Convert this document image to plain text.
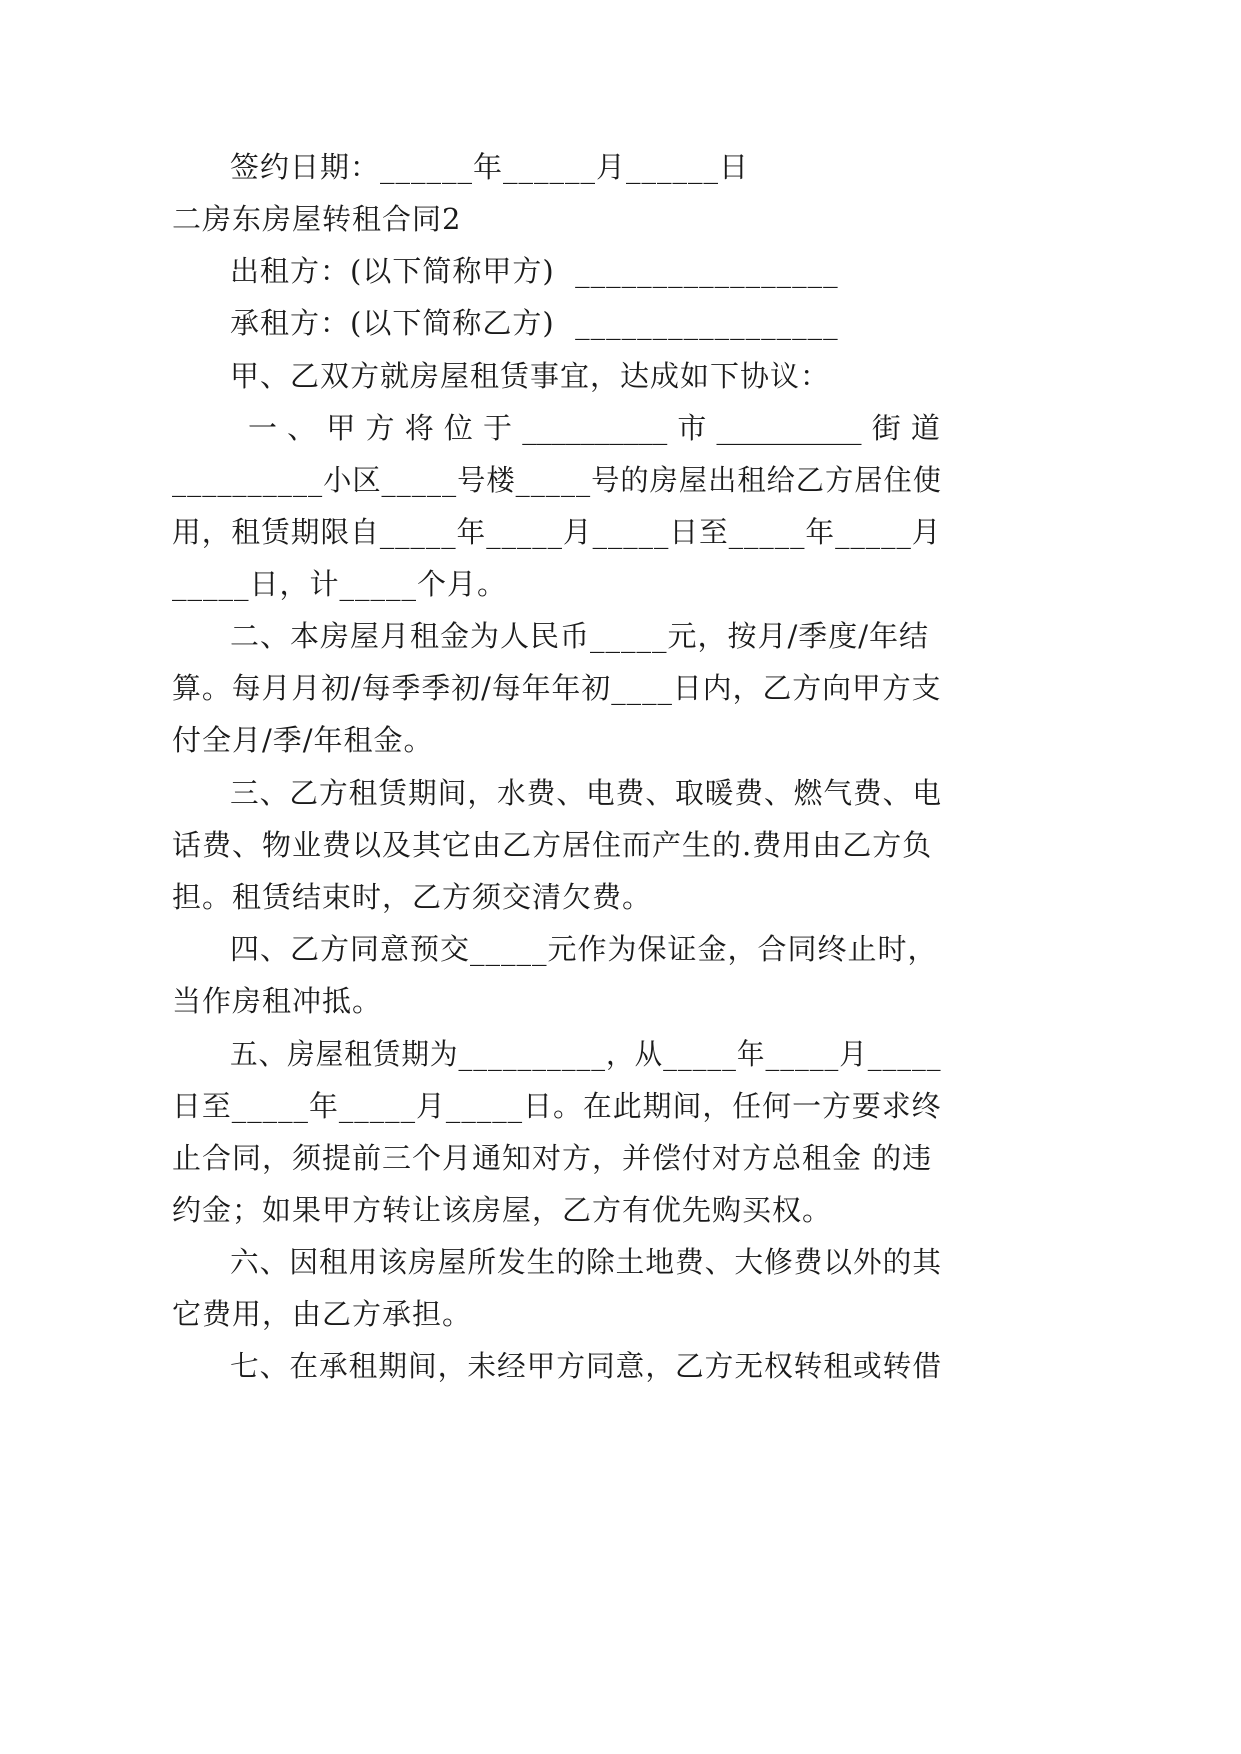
签约日期：______年______月______日

二房东房屋转租合同2

出租方：(以下简称甲方)  _________________

承租方：(以下简称乙方)  _________________

甲、乙双方就房屋租赁事宜，达成如下协议：

一 、 甲 方 将 位 于 __________ 市 __________ 街 道

__________小区_____号楼_____号的房屋出租给乙方居住使

用，租赁期限自_____年_____月_____日至_____年_____月

_____日，计_____个月。

二、本房屋月租金为人民币_____元，按月/季度/年结

算。每月月初/每季季初/每年年初____日内，乙方向甲方支

付全月/季/年租金。

三、乙方租赁期间，水费、电费、取暖费、燃气费、电

话费、物业费以及其它由乙方居住而产生的.费用由乙方负

担。租赁结束时，乙方须交清欠费。

四、乙方同意预交_____元作为保证金，合同终止时，

当作房租冲抵。

五、房屋租赁期为__________，从_____年_____月_____

日至_____年_____月_____日。在此期间，任何一方要求终

止合同，须提前三个月通知对方，并偿付对方总租金 的违

约金；如果甲方转让该房屋，乙方有优先购买权。

六、因租用该房屋所发生的除土地费、大修费以外的其

它费用，由乙方承担。

七、在承租期间，未经甲方同意，乙方无权转租或转借
